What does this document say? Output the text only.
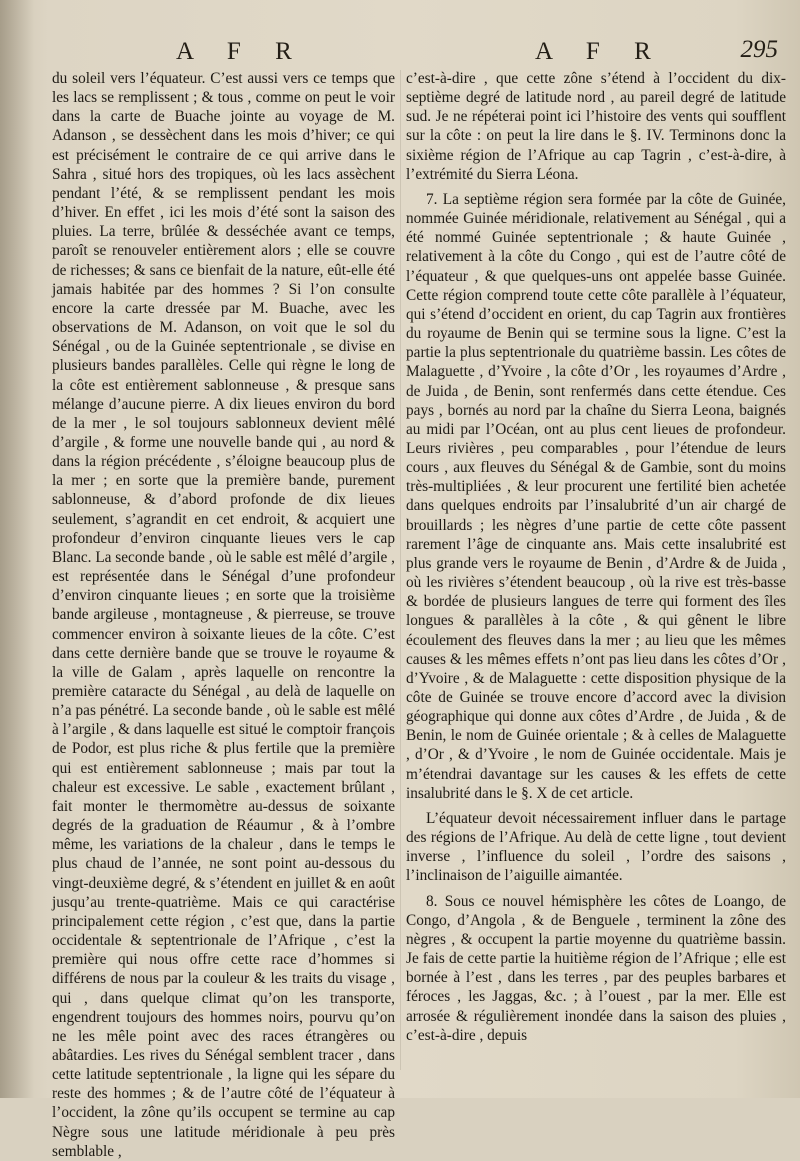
A F R	A F R	295

du soleil vers l’équateur. C’est aussi vers ce temps que les lacs se remplissent ; & tous , comme on peut le voir dans la carte de Buache jointe au voyage de M. Adanson , se dessèchent dans les mois d’hiver; ce qui est précisément le contraire de ce qui arrive dans le Sahra , situé hors des tropiques, où les lacs assèchent pendant l’été, & se remplissent pendant les mois d’hiver. En effet , ici les mois d’été sont la saison des pluies. La terre, brûlée & desséchée avant ce temps, paroît se renouveler entièrement alors ; elle se couvre de richesses; & sans ce bienfait de la nature, eût-elle été jamais habitée par des hommes ? Si l’on consulte encore la carte dressée par M. Buache, avec les observations de M. Adanson, on voit que le sol du Sénégal , ou de la Guinée septentrionale , se divise en plusieurs bandes parallèles. Celle qui règne le long de la côte est entièrement sablonneuse , & presque sans mélange d’aucune pierre. A dix lieues environ du bord de la mer , le sol toujours sablonneux devient mêlé d’argile , & forme une nouvelle bande qui , au nord & dans la région précédente , s’éloigne beaucoup plus de la mer ; en sorte que la première bande, purement sablonneuse, & d’abord profonde de dix lieues seulement, s’agrandit en cet endroit, & acquiert une profondeur d’environ cinquante lieues vers le cap Blanc. La seconde bande , où le sable est mêlé d’argile , est représentée dans le Sénégal d’une profondeur d’environ cinquante lieues ; en sorte que la troisième bande argileuse , montagneuse , & pierreuse, se trouve commencer environ à soixante lieues de la côte. C’est dans cette dernière bande que se trouve le royaume & la ville de Galam , après laquelle on rencontre la première cataracte du Sénégal , au delà de laquelle on n’a pas pénétré. La seconde bande , où le sable est mêlé à l’argile , & dans laquelle est situé le comptoir françois de Podor, est plus riche & plus fertile que la première qui est entièrement sablonneuse ; mais par tout la chaleur est excessive. Le sable , exactement brûlant , fait monter le thermomètre au-dessus de soixante degrés de la graduation de Réaumur , & à l’ombre même, les variations de la chaleur , dans le temps le plus chaud de l’année, ne sont point au-dessous du vingt-deuxième degré, & s’étendent en juillet & en août jusqu’au trente-quatrième. Mais ce qui caractérise principalement cette région , c’est que, dans la partie occidentale & septentrionale de l’Afrique , c’est la première qui nous offre cette race d’hommes si différens de nous par la couleur & les traits du visage , qui , dans quelque climat qu’on les transporte, engendrent toujours des hommes noirs, pourvu qu’on ne les mêle point avec des races étrangères ou abâtardies. Les rives du Sénégal semblent tracer , dans cette latitude septentrionale , la ligne qui les sépare du reste des hommes ; & de l’autre côté de l’équateur à l’occident, la zône qu’ils occupent se termine au cap Nègre sous une latitude méridionale à peu près semblable ,

c’est-à-dire , que cette zône s’étend à l’occident du dix-septième degré de latitude nord , au pareil degré de latitude sud. Je ne répéterai point ici l’histoire des vents qui soufflent sur la côte : on peut la lire dans le §. IV. Terminons donc la sixième région de l’Afrique au cap Tagrin , c’est-à-dire, à l’extrémité du Sierra Léona.

7. La septième région sera formée par la côte de Guinée, nommée Guinée méridionale, relativement au Sénégal , qui a été nommé Guinée septentrionale ; & haute Guinée , relativement à la côte du Congo , qui est de l’autre côté de l’équateur , & que quelques-uns ont appelée basse Guinée. Cette région comprend toute cette côte parallèle à l’équateur, qui s’étend d’occident en orient, du cap Tagrin aux frontières du royaume de Benin qui se termine sous la ligne. C’est la partie la plus septentrionale du quatrième bassin. Les côtes de Malaguette , d’Yvoire , la côte d’Or , les royaumes d’Ardre , de Juida , de Benin, sont renfermés dans cette étendue. Ces pays , bornés au nord par la chaîne du Sierra Leona, baignés au midi par l’Océan, ont au plus cent lieues de profondeur. Leurs rivières , peu comparables , pour l’étendue de leurs cours , aux fleuves du Sénégal & de Gambie, sont du moins très-multipliées , & leur procurent une fertilité bien achetée dans quelques endroits par l’insalubrité d’un air chargé de brouillards ; les nègres d’une partie de cette côte passent rarement l’âge de cinquante ans. Mais cette insalubrité est plus grande vers le royaume de Benin , d’Ardre & de Juida , où les rivières s’étendent beaucoup , où la rive est très-basse & bordée de plusieurs langues de terre qui forment des îles longues & parallèles à la côte , & qui gênent le libre écoulement des fleuves dans la mer ; au lieu que les mêmes causes & les mêmes effets n’ont pas lieu dans les côtes d’Or , d’Yvoire , & de Malaguette : cette disposition physique de la côte de Guinée se trouve encore d’accord avec la division géographique qui donne aux côtes d’Ardre , de Juida , & de Benin, le nom de Guinée orientale ; & à celles de Malaguette , d’Or , & d’Yvoire , le nom de Guinée occidentale. Mais je m’étendrai davantage sur les causes & les effets de cette insalubrité dans le §. X de cet article.

L’équateur devoit nécessairement influer dans le partage des régions de l’Afrique. Au delà de cette ligne , tout devient inverse , l’influence du soleil , l’ordre des saisons , l’inclinaison de l’aiguille aimantée.

8. Sous ce nouvel hémisphère les côtes de Loango, de Congo, d’Angola , & de Benguele , terminent la zône des nègres , & occupent la partie moyenne du quatrième bassin. Je fais de cette partie la huitième région de l’Afrique ; elle est bornée à l’est , dans les terres , par des peuples barbares et féroces , les Jaggas, &c. ; à l’ouest , par la mer. Elle est arrosée & régulièrement inondée dans la saison des pluies , c’est-à-dire , depuis
